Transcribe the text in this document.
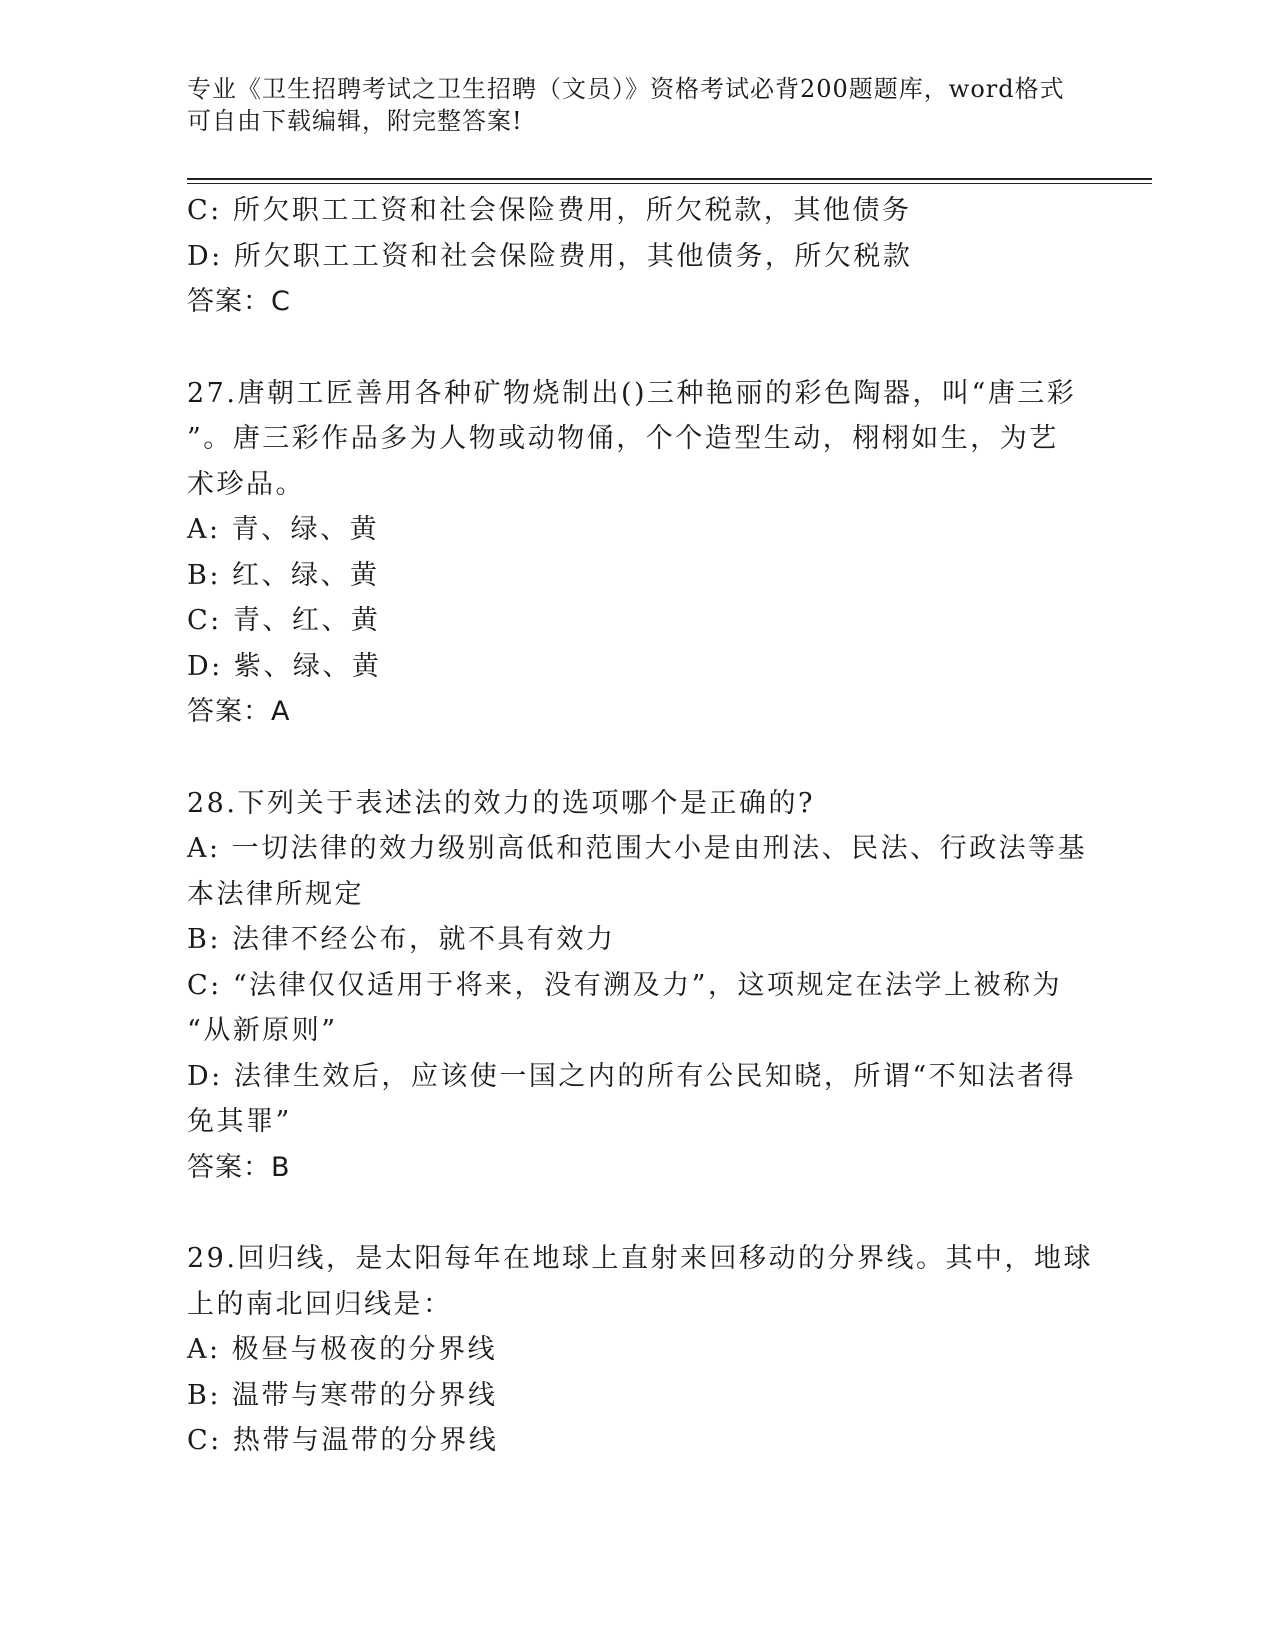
专业《卫生招聘考试之卫生招聘（文员）》资格考试必背200题题库，word格式
可自由下载编辑，附完整答案!
C: 所欠职工工资和社会保险费用，所欠税款，其他债务
D: 所欠职工工资和社会保险费用，其他债务，所欠税款
答案：C
27.唐朝工匠善用各种矿物烧制出()三种艳丽的彩色陶器，叫“唐三彩
”。唐三彩作品多为人物或动物俑，个个造型生动，栩栩如生，为艺
术珍品。
A: 青、绿、黄
B: 红、绿、黄
C: 青、红、黄
D: 紫、绿、黄
答案：A
28.下列关于表述法的效力的选项哪个是正确的?
A: 一切法律的效力级别高低和范围大小是由刑法、民法、行政法等基
本法律所规定
B: 法律不经公布，就不具有效力
C: “法律仅仅适用于将来，没有溯及力”，这项规定在法学上被称为
“从新原则”
D: 法律生效后，应该使一国之内的所有公民知晓，所谓“不知法者得
免其罪”
答案：B
29.回归线，是太阳每年在地球上直射来回移动的分界线。其中，地球
上的南北回归线是：
A: 极昼与极夜的分界线
B: 温带与寒带的分界线
C: 热带与温带的分界线
